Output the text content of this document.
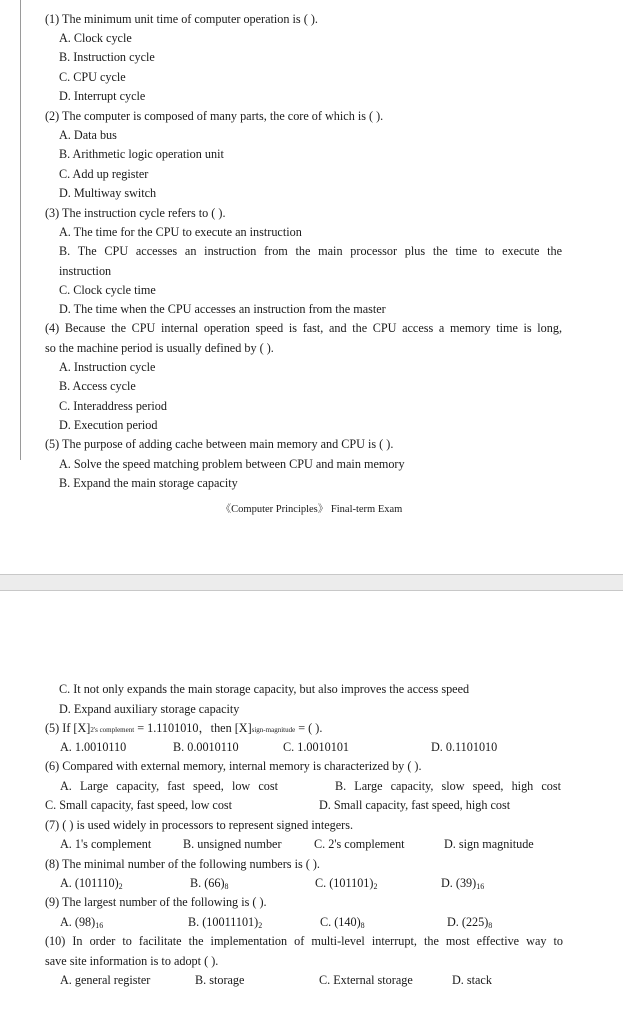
(1) The minimum unit time of computer operation is ( ).
A. Clock cycle
B. Instruction cycle
C. CPU cycle
D. Interrupt cycle
(2) The computer is composed of many parts, the core of which is ( ).
A. Data bus
B. Arithmetic logic operation unit
C. Add up register
D. Multiway switch
(3) The instruction cycle refers to ( ).
A. The time for the CPU to execute an instruction
B. The CPU accesses an instruction from the main processor plus the time to execute the
instruction
C. Clock cycle time
D. The time when the CPU accesses an instruction from the master
(4) Because the CPU internal operation speed is fast, and the CPU access a memory time is long,
so the machine period is usually defined by ( ).
A. Instruction cycle
B. Access cycle
C. Interaddress period
D. Execution period
(5) The purpose of adding cache between main memory and CPU is ( ).
A. Solve the speed matching problem between CPU and main memory
B. Expand the main storage capacity
《Computer Principles》 Final-term Exam
C. It not only expands the main storage capacity, but also improves the access speed
D. Expand auxiliary storage capacity
(5) If [X]2's complement = 1.1101010，then [X]sign-magnitude = ( ).
A. 1.0010110	B. 0.0010110	C. 1.0010101	D. 0.1101010
(6) Compared with external memory, internal memory is characterized by ( ).
A. Large capacity, fast speed, low cost	B. Large capacity, slow speed, high cost
C. Small capacity, fast speed, low cost	D. Small capacity, fast speed, high cost
(7) ( ) is used widely in processors to represent signed integers.
A. 1's complement	B. unsigned number	C. 2's complement	D. sign magnitude
(8) The minimal number of the following numbers is ( ).
A. (101110)2	B. (66)8	C. (101101)2	D. (39)16
(9) The largest number of the following is ( ).
A. (98)16	B. (10011101)2	C. (140)8	D. (225)8
(10) In order to facilitate the implementation of multi-level interrupt, the most effective way to
save site information is to adopt ( ).
A. general register	B. storage	C. External storage	D. stack
